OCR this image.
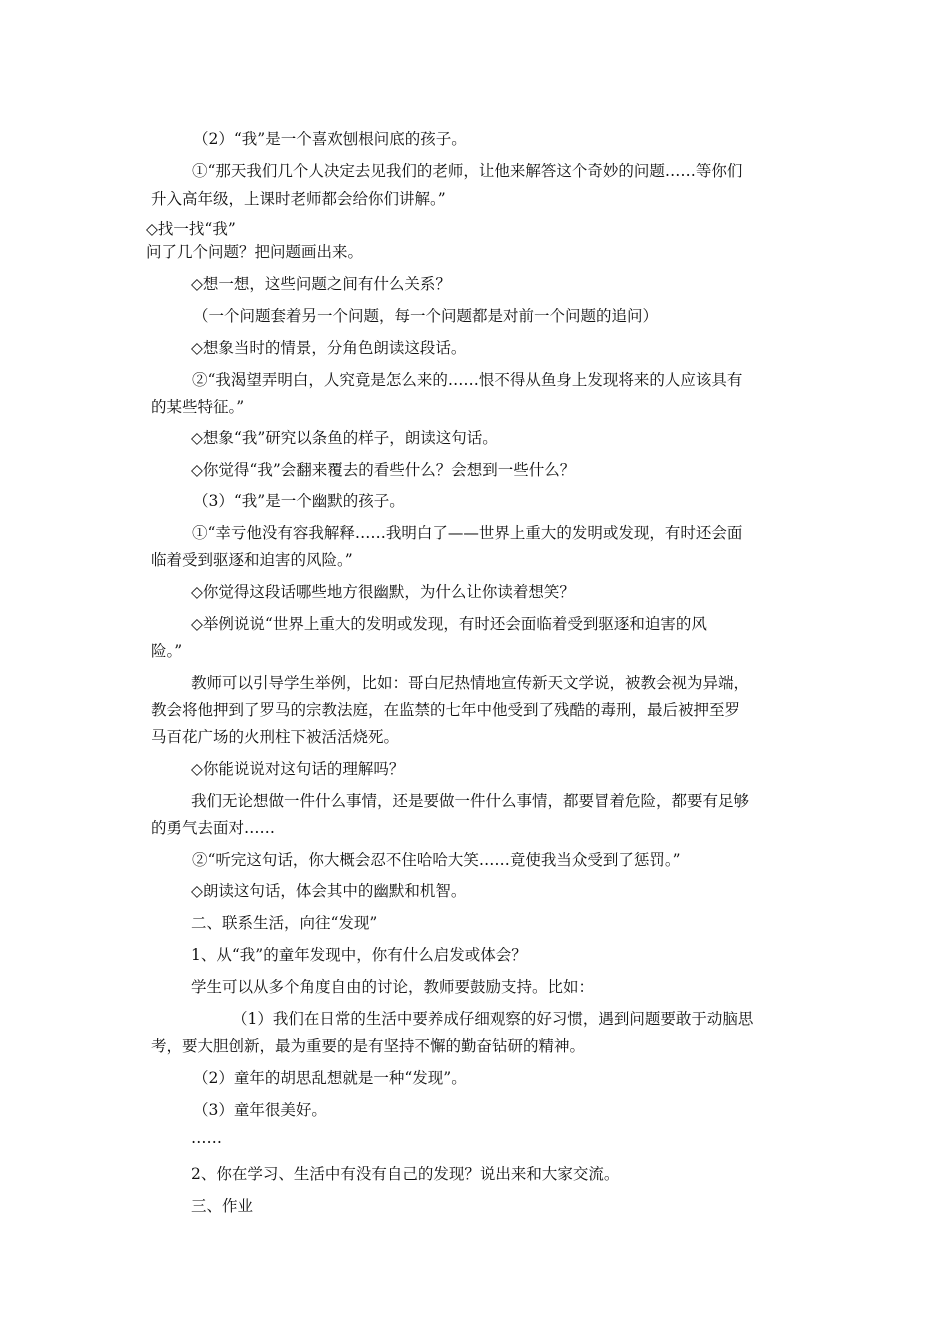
（2）“我”是一个喜欢刨根问底的孩子。
①“那天我们几个人决定去见我们的老师，让他来解答这个奇妙的问题……等你们
升入高年级，上课时老师都会给你们讲解。”
◇找一找“我”
问了几个问题？把问题画出来。
◇想一想，这些问题之间有什么关系？
（一个问题套着另一个问题，每一个问题都是对前一个问题的追问）
◇想象当时的情景，分角色朗读这段话。
②“我渴望弄明白，人究竟是怎么来的……恨不得从鱼身上发现将来的人应该具有
的某些特征。”
◇想象“我”研究以条鱼的样子，朗读这句话。
◇你觉得“我”会翻来覆去的看些什么？会想到一些什么？
（3）“我”是一个幽默的孩子。
①“幸亏他没有容我解释……我明白了——世界上重大的发明或发现，有时还会面
临着受到驱逐和迫害的风险。”
◇你觉得这段话哪些地方很幽默，为什么让你读着想笑？
◇举例说说“世界上重大的发明或发现，有时还会面临着受到驱逐和迫害的风
险。”
教师可以引导学生举例，比如：哥白尼热情地宣传新天文学说，被教会视为异端，
教会将他押到了罗马的宗教法庭，在监禁的七年中他受到了残酷的毒刑，最后被押至罗
马百花广场的火刑柱下被活活烧死。
◇你能说说对这句话的理解吗？
我们无论想做一件什么事情，还是要做一件什么事情，都要冒着危险，都要有足够
的勇气去面对……
②“听完这句话，你大概会忍不住哈哈大笑……竟使我当众受到了惩罚。”
◇朗读这句话，体会其中的幽默和机智。
二、联系生活，向往“发现”
1、从“我”的童年发现中，你有什么启发或体会？
学生可以从多个角度自由的讨论，教师要鼓励支持。比如：
（1）我们在日常的生活中要养成仔细观察的好习惯，遇到问题要敢于动脑思
考，要大胆创新，最为重要的是有坚持不懈的勤奋钻研的精神。
（2）童年的胡思乱想就是一种“发现”。
（3）童年很美好。
……
2、你在学习、生活中有没有自己的发现？说出来和大家交流。
三、作业
